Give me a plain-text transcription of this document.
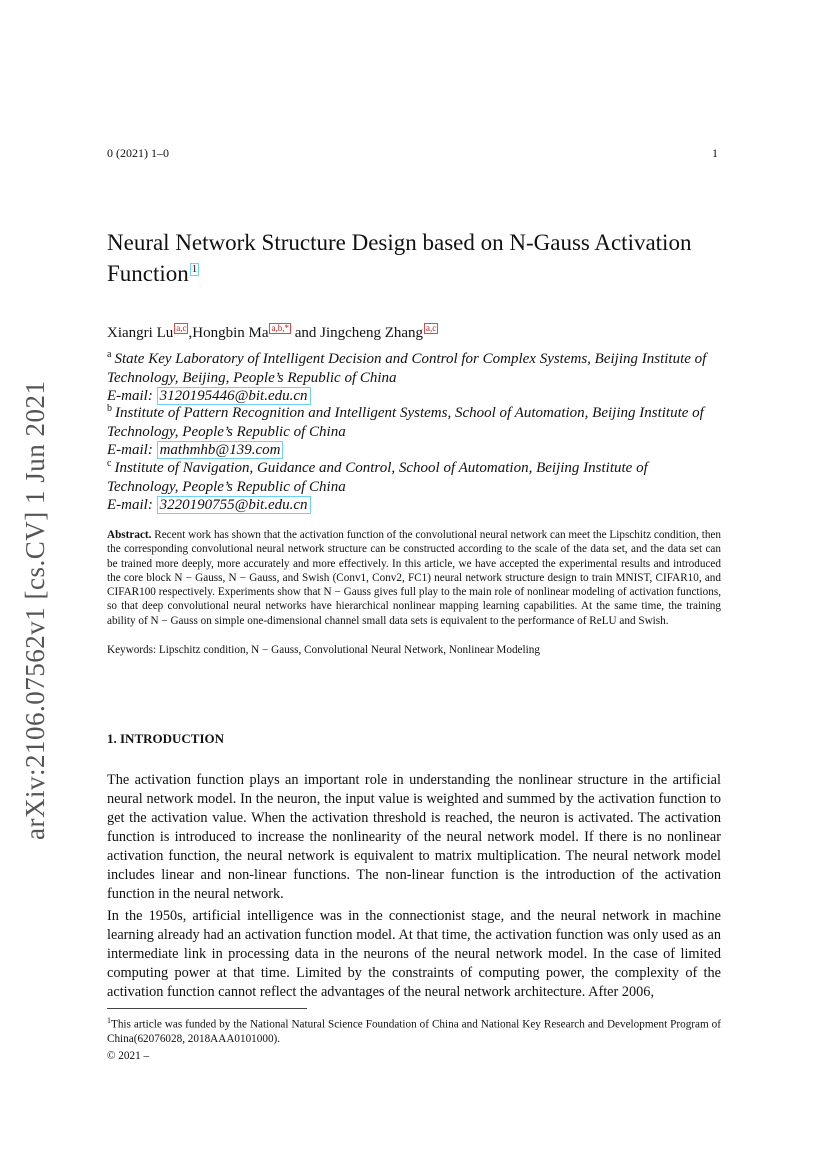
0 (2021) 1–0	1
Neural Network Structure Design based on N-Gauss Activation
Function 1
arXiv:2106.07562v1 [cs.CV] 1 Jun 2021
Xiangri Lu a,c ,Hongbin Ma a,b,* and Jingcheng Zhang a,c
$^a$ State Key Laboratory of Intelligent Decision and Control for Complex Systems, Beijing Institute of
Technology, Beijing, People’s Republic of China
E-mail: 3120195446@bit.edu.cn
$^b$ Institute of Pattern Recognition and Intelligent Systems, School of Automation, Beijing Institute of
Technology, People’s Republic of China
E-mail: mathmhb@139.com
$^c$ Institute of Navigation, Guidance and Control, School of Automation, Beijing Institute of
Technology, People’s Republic of China
E-mail: 3220190755@bit.edu.cn
Abstract. Recent work has shown that the activation function of the convolutional neural network can meet the Lipschitz condition, then the corresponding convolutional neural network structure can be constructed according to the scale of the data set, and the data set can be trained more deeply, more accurately and more effectively. In this article, we have accepted the experimental results and introduced the core block N − Gauss, N − Gauss, and Swish (Conv1, Conv2, FC1) neural network structure design to train MNIST, CIFAR10, and CIFAR100 respectively. Experiments show that N − Gauss gives full play to the main role of nonlinear modeling of activation functions, so that deep convolutional neural networks have hierarchical nonlinear mapping learning capabilities. At the same time, the training ability of N − Gauss on simple one-dimensional channel small data sets is equivalent to the performance of ReLU and Swish.
Keywords: Lipschitz condition, N − Gauss, Convolutional Neural Network, Nonlinear Modeling
1. INTRODUCTION
The activation function plays an important role in understanding the nonlinear structure in the artificial neural network model. In the neuron, the input value is weighted and summed by the activation function to get the activation value. When the activation threshold is reached, the neuron is activated. The activation function is introduced to increase the nonlinearity of the neural network model. If there is no nonlinear activation function, the neural network is equivalent to matrix multiplication. The neural network model includes linear and non-linear functions. The non-linear function is the introduction of the activation function in the neural network.
In the 1950s, artificial intelligence was in the connectionist stage, and the neural network in machine learning already had an activation function model. At that time, the activation function was only used as an intermediate link in processing data in the neurons of the neural network model. In the case of limited computing power at that time. Limited by the constraints of computing power, the complexity of the activation function cannot reflect the advantages of the neural network architecture. After 2006,
$^1$This article was funded by the National Natural Science Foundation of China and National Key Research and Development Program of China(62076028, 2018AAA0101000).
© 2021 –
